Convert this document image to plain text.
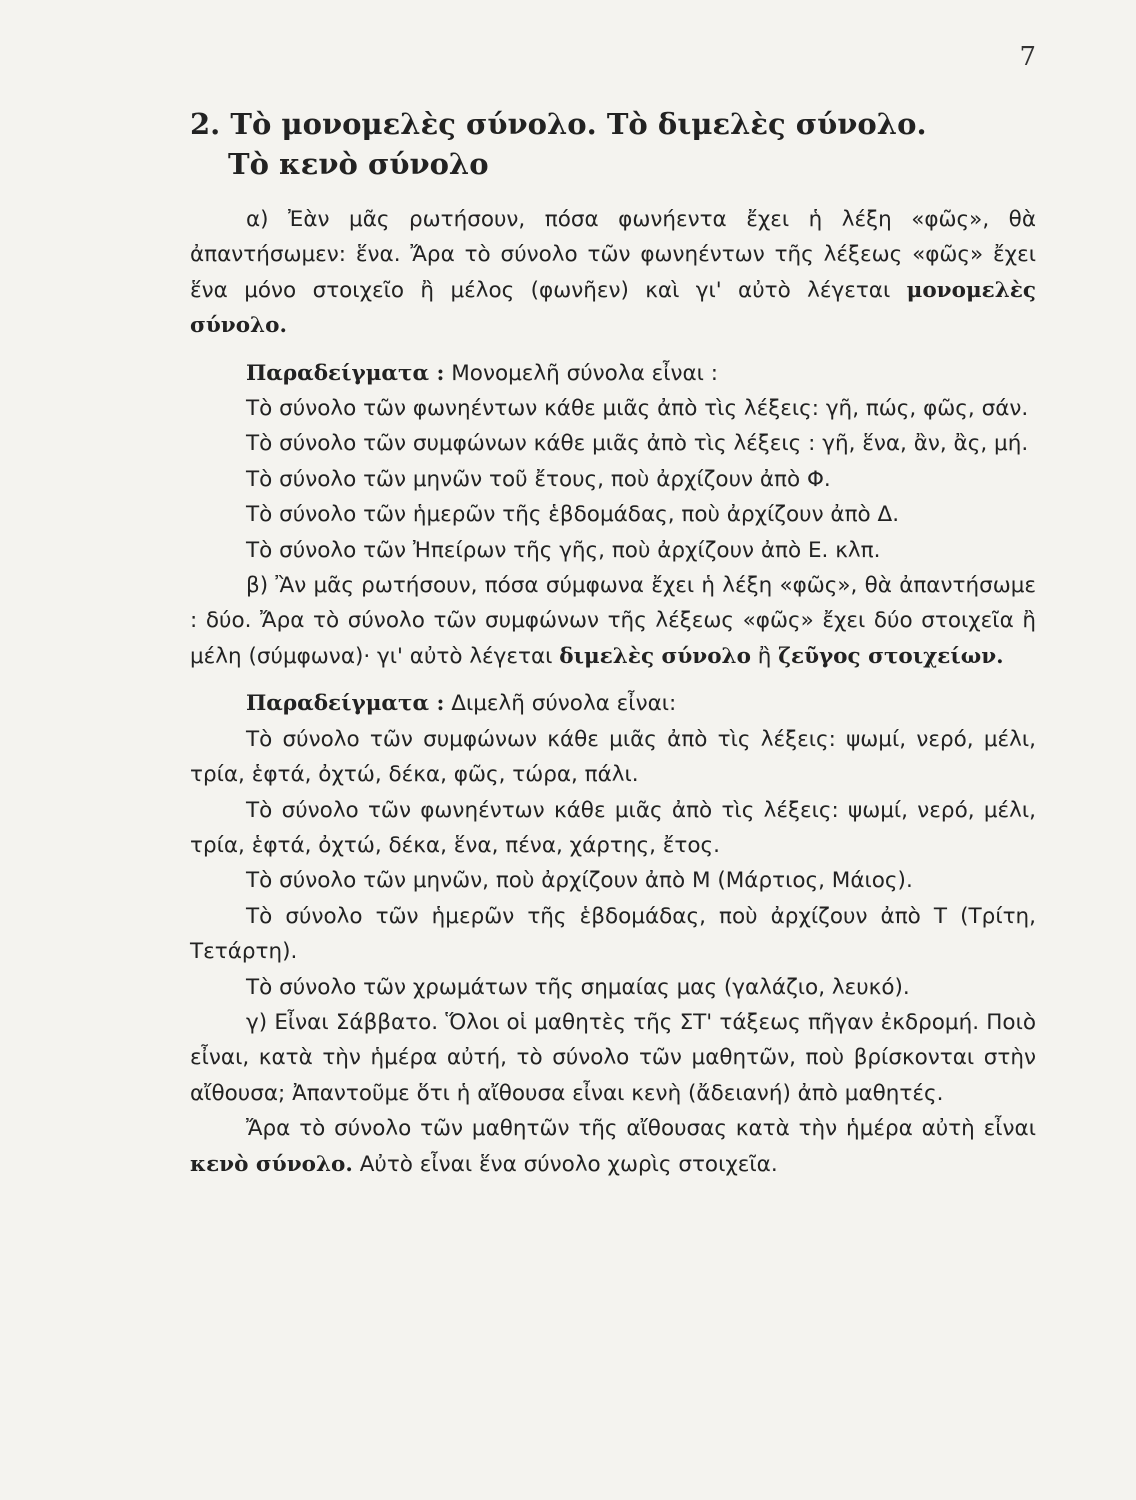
7
2. Τὸ μονομελὲς σύνολο. Τὸ διμελὲς σύνολο.
Τὸ κενὸ σύνολο

α) Ἐὰν μᾶς ρωτήσουν, πόσα φωνήεντα ἔχει ἡ λέξη «φῶς», θὰ ἀπαντήσωμεν: ἕνα. Ἄρα τὸ σύνολο τῶν φωνηέντων τῆς λέξεως «φῶς» ἔχει ἕνα μόνο στοιχεῖο ἢ μέλος (φωνῆεν) καὶ γι' αὐτὸ λέγεται μονομελὲς σύνολο.

Παραδείγματα : Μονομελῆ σύνολα εἶναι :

Τὸ σύνολο τῶν φωνηέντων κάθε μιᾶς ἀπὸ τὶς λέξεις: γῆ, πώς, φῶς, σάν.

Τὸ σύνολο τῶν συμφώνων κάθε μιᾶς ἀπὸ τὶς λέξεις : γῆ, ἕνα, ἂν, ἂς, μή.

Τὸ σύνολο τῶν μηνῶν τοῦ ἔτους, ποὺ ἀρχίζουν ἀπὸ Φ.

Τὸ σύνολο τῶν ἡμερῶν τῆς ἑβδομάδας, ποὺ ἀρχίζουν ἀπὸ Δ.

Τὸ σύνολο τῶν Ἠπείρων τῆς γῆς, ποὺ ἀρχίζουν ἀπὸ Ε. κλπ.

β) Ἂν μᾶς ρωτήσουν, πόσα σύμφωνα ἔχει ἡ λέξη «φῶς», θὰ ἀπαντήσωμε : δύο. Ἄρα τὸ σύνολο τῶν συμφώνων τῆς λέξεως «φῶς» ἔχει δύο στοιχεῖα ἢ μέλη (σύμφωνα)· γι' αὐτὸ λέγεται διμελὲς σύνολο ἢ ζεῦγος στοιχείων.

Παραδείγματα : Διμελῆ σύνολα εἶναι:

Τὸ σύνολο τῶν συμφώνων κάθε μιᾶς ἀπὸ τὶς λέξεις: ψωμί, νερό, μέλι, τρία, ἑφτά, ὀχτώ, δέκα, φῶς, τώρα, πάλι.

Τὸ σύνολο τῶν φωνηέντων κάθε μιᾶς ἀπὸ τὶς λέξεις: ψωμί, νερό, μέλι, τρία, ἑφτά, ὀχτώ, δέκα, ἕνα, πένα, χάρτης, ἔτος.

Τὸ σύνολο τῶν μηνῶν, ποὺ ἀρχίζουν ἀπὸ Μ (Μάρτιος, Μάιος).

Τὸ σύνολο τῶν ἡμερῶν τῆς ἑβδομάδας, ποὺ ἀρχίζουν ἀπὸ Τ (Τρίτη, Τετάρτη).

Τὸ σύνολο τῶν χρωμάτων τῆς σημαίας μας (γαλάζιο, λευκό).

γ) Εἶναι Σάββατο. Ὅλοι οἱ μαθητὲς τῆς ΣΤ' τάξεως πῆγαν ἐκδρομή. Ποιὸ εἶναι, κατὰ τὴν ἡμέρα αὐτή, τὸ σύνολο τῶν μαθητῶν, ποὺ βρίσκονται στὴν αἴθουσα; Ἀπαντοῦμε ὅτι ἡ αἴθουσα εἶναι κενὴ (ἄδειανή) ἀπὸ μαθητές.

Ἄρα τὸ σύνολο τῶν μαθητῶν τῆς αἴθουσας κατὰ τὴν ἡμέρα αὐτὴ εἶναι κενὸ σύνολο. Αὐτὸ εἶναι ἕνα σύνολο χωρὶς στοιχεῖα.
